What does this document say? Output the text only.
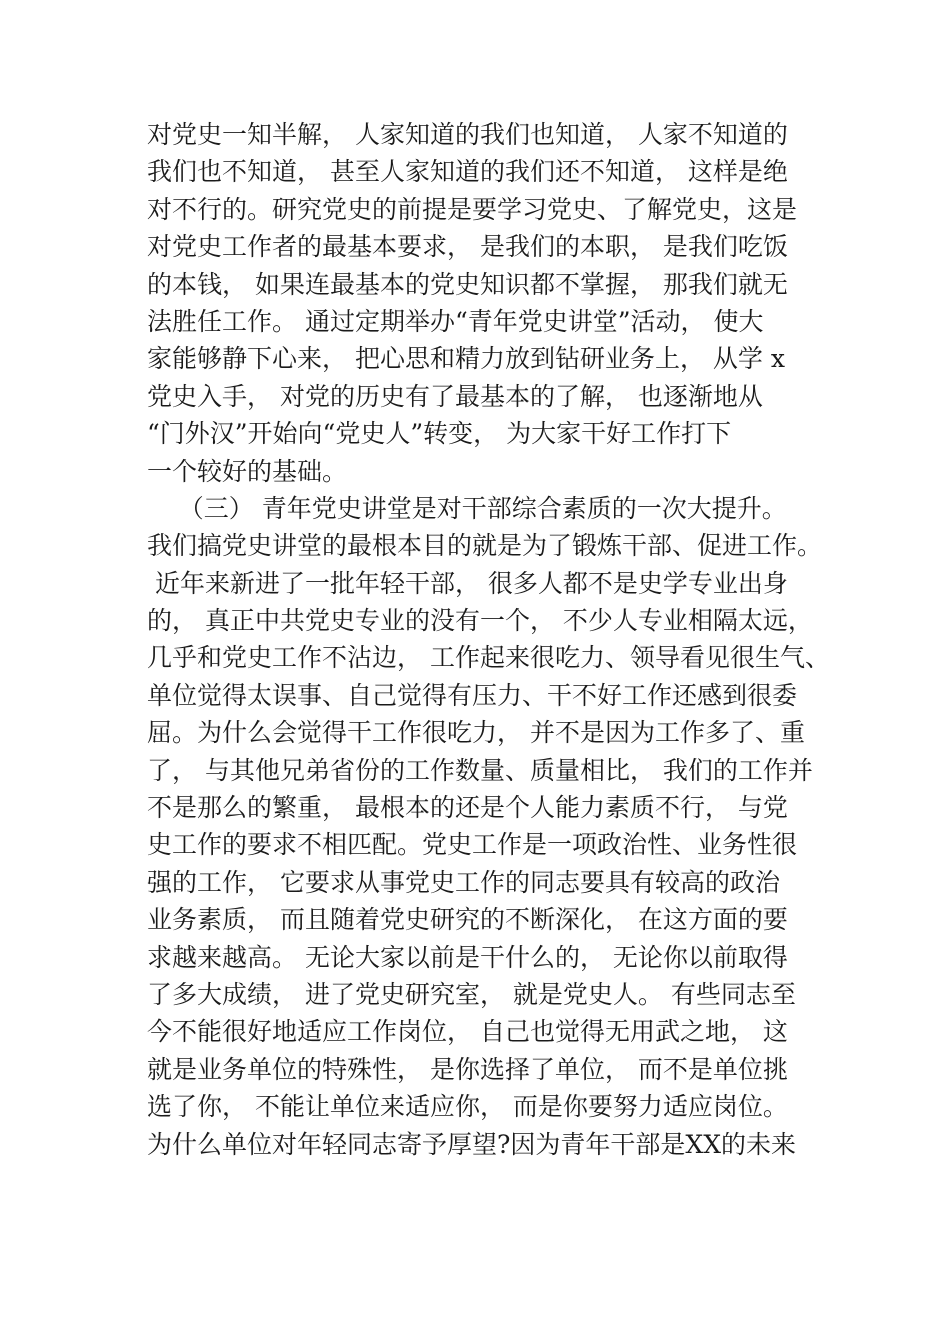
对党史一知半解， 人家知道的我们也知道， 人家不知道的
我们也不知道， 甚至人家知道的我们还不知道， 这样是绝
对不行的。研究党史的前提是要学习党史、了解党史，这是
对党史工作者的最基本要求， 是我们的本职， 是我们吃饭
的本钱， 如果连最基本的党史知识都不掌握， 那我们就无
法胜任工作。 通过定期举办“青年党史讲堂”活动， 使大
家能够静下心来， 把心思和精力放到钻研业务上， 从学 x
党史入手， 对党的历史有了最基本的了解， 也逐渐地从
“门外汉”开始向“党史人”转变， 为大家干好工作打下
一个较好的基础。
（三） 青年党史讲堂是对干部综合素质的一次大提升。
我们搞党史讲堂的最根本目的就是为了锻炼干部、促进工作。
近年来新进了一批年轻干部， 很多人都不是史学专业出身
的， 真正中共党史专业的没有一个， 不少人专业相隔太远，
几乎和党史工作不沾边， 工作起来很吃力、领导看见很生气、
单位觉得太误事、自己觉得有压力、干不好工作还感到很委
屈。为什么会觉得干工作很吃力， 并不是因为工作多了、重
了， 与其他兄弟省份的工作数量、质量相比， 我们的工作并
不是那么的繁重， 最根本的还是个人能力素质不行， 与党
史工作的要求不相匹配。党史工作是一项政治性、业务性很
强的工作， 它要求从事党史工作的同志要具有较高的政治
业务素质， 而且随着党史研究的不断深化， 在这方面的要
求越来越高。 无论大家以前是干什么的， 无论你以前取得
了多大成绩， 进了党史研究室， 就是党史人。 有些同志至
今不能很好地适应工作岗位， 自己也觉得无用武之地， 这
就是业务单位的特殊性， 是你选择了单位， 而不是单位挑
选了你， 不能让单位来适应你， 而是你要努力适应岗位。
为什么单位对年轻同志寄予厚望?因为青年干部是XX的未来
